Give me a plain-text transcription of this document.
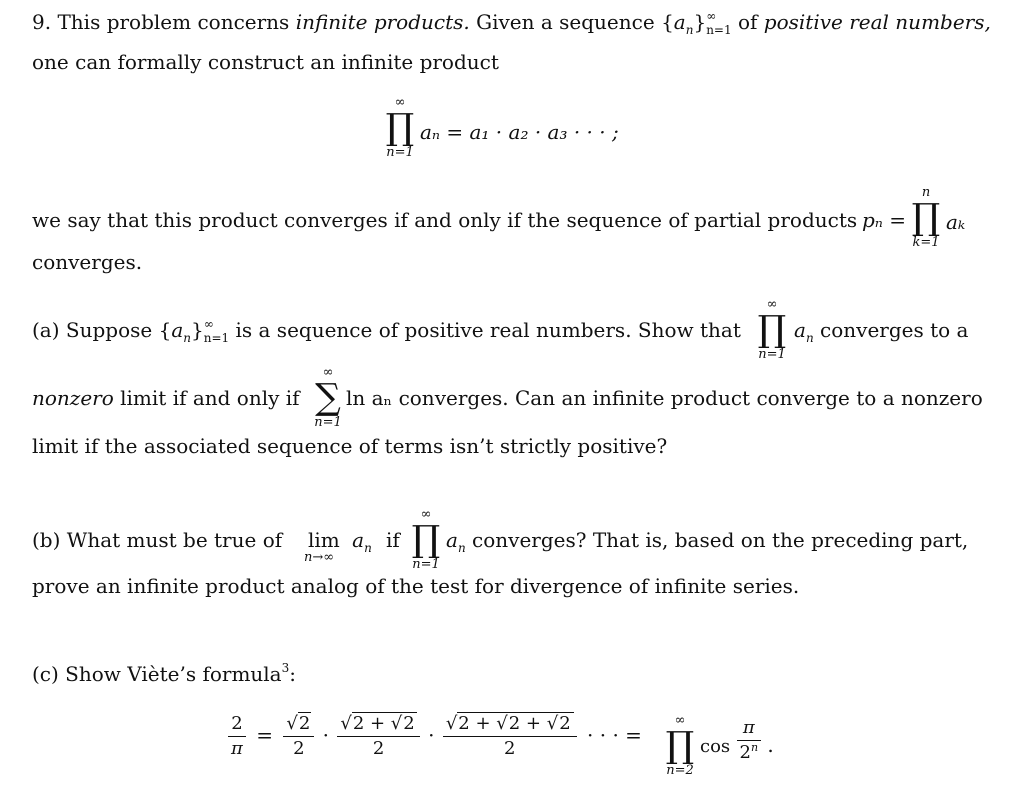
9. This problem concerns infinite products. Given a sequence $\{a_n\}^\infty_{n=1}$ of positive real numbers,
one can formally construct an infinite product
∞
∏
n=1
aₙ = a₁ · a₂ · a₃ · · · ;
we say that this product converges if and only if the sequence of partial products pₙ =
n
∏
k=1
aₖ
converges.
(a) Suppose $\{a_n\}^\infty_{n=1}$ is a sequence of positive real numbers. Show that
∞
∏
n=1
$a_n$ converges to a
nonzero limit if and only if
∞
∑
n=1
ln aₙ converges. Can an infinite product converge to a nonzero
limit if the associated sequence of terms isn’t strictly positive?
(b) What must be true of $\lim a_n$
n→∞
if
∞
∏
n=1
$a_n$ converges? That is, based on the preceding part,
prove an infinite product analog of the test for divergence of infinite series.
(c) Show Viète’s formula$^3$:
$\frac{2}{\pi} = \frac{√2}{2} \cdot \frac{√2 + √2}{2} \cdot \frac{√2 + √2 + √2}{2}$ · · · =
∞
∏
n=2
$\cos \frac{\pi}{2^n}$ .
